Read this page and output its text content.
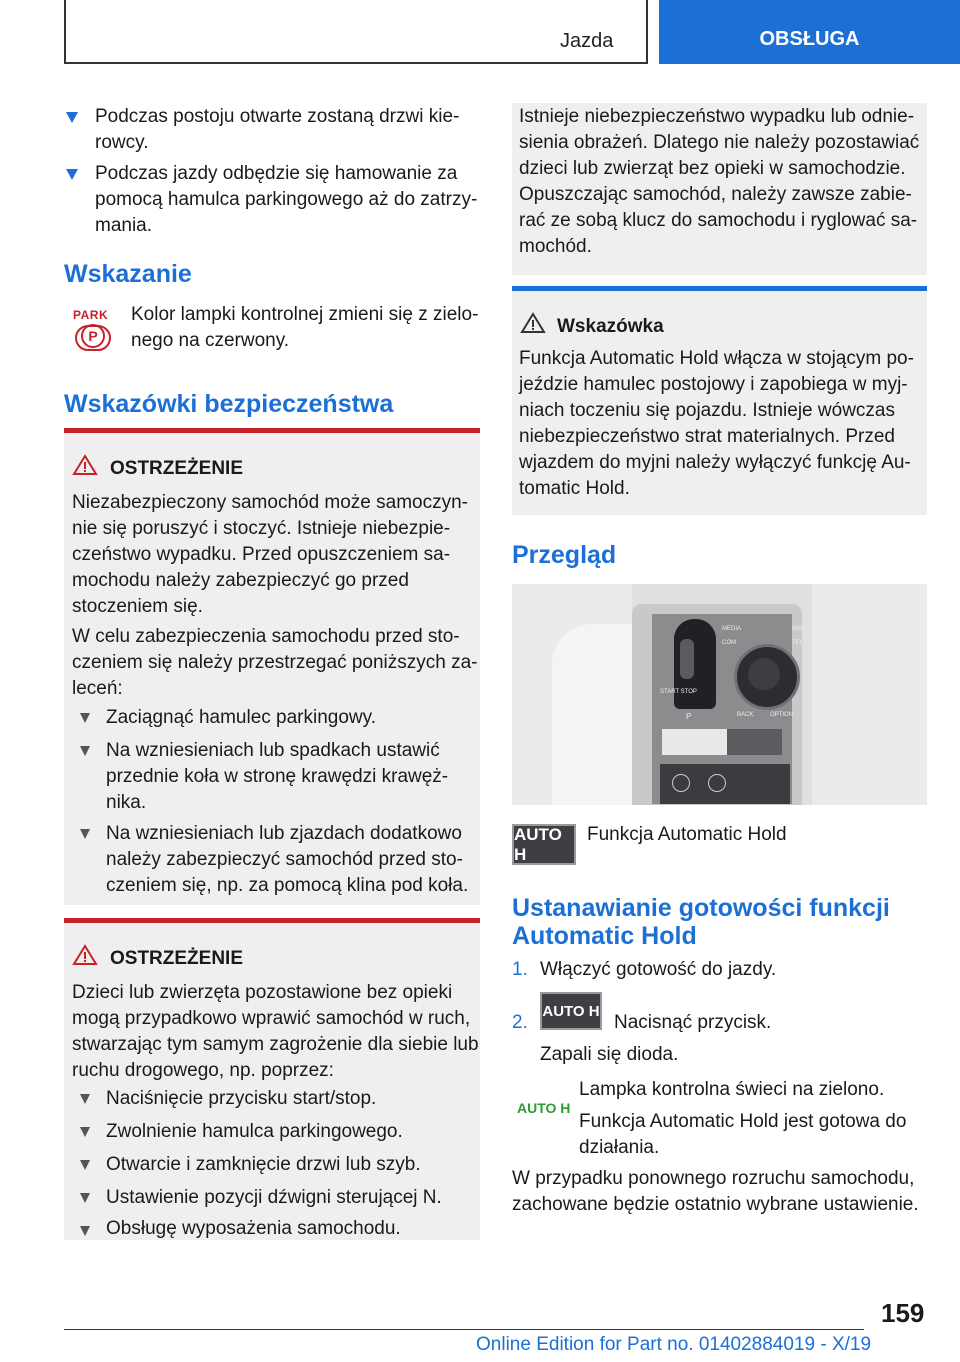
Jazda	OBSŁUGA
Podczas postoju otwarte zostaną drzwi kie-
rowcy.
Podczas jazdy odbędzie się hamowanie za
pomocą hamulca parkingowego aż do zatrzy-
mania.
Wskazanie
PARK
P
Kolor lampki kontrolnej zmieni się z zielo-
nego na czerwony.
Wskazówki bezpieczeństwa
OSTRZEŻENIE
Niezabezpieczony samochód może samoczyn-
nie się poruszyć i stoczyć. Istnieje niebezpie-
czeństwo wypadku. Przed opuszczeniem sa-
mochodu należy zabezpieczyć go przed
stoczeniem się.
W celu zabezpieczenia samochodu przed sto-
czeniem się należy przestrzegać poniższych za-
leceń:
Zaciągnąć hamulec parkingowy.
Na wzniesieniach lub spadkach ustawić
przednie koła w stronę krawędzi krawęż-
nika.
Na wzniesieniach lub zjazdach dodatkowo
należy zabezpieczyć samochód przed sto-
czeniem się, np. za pomocą klina pod koła.
OSTRZEŻENIE
Dzieci lub zwierzęta pozostawione bez opieki
mogą przypadkowo wprawić samochód w ruch,
stwarzając tym samym zagrożenie dla siebie lub
ruchu drogowego, np. poprzez:
Naciśnięcie przycisku start/stop.
Zwolnienie hamulca parkingowego.
Otwarcie i zamknięcie drzwi lub szyb.
Ustawienie pozycji dźwigni sterującej N.
Obsługę wyposażenia samochodu.
Istnieje niebezpieczeństwo wypadku lub odnie-
sienia obrażeń. Dlatego nie należy pozostawiać
dzieci lub zwierząt bez opieki w samochodzie.
Opuszczając samochód, należy zawsze zabie-
rać ze sobą klucz do samochodu i ryglować sa-
mochód.
Wskazówka
Funkcja Automatic Hold włącza w stojącym po-
jeździe hamulec postojowy i zapobiega w myj-
niach toczeniu się pojazdu. Istnieje wówczas
niebezpieczeństwo strat materialnych. Przed
wjazdem do myjni należy wyłączyć funkcję Au-
tomatic Hold.
Przegląd
MEDIA
COM
NAV
TEL
BACK	OPTION
START STOP
P
AUTO H
Funkcja Automatic Hold
Ustanawianie gotowości funkcji
Automatic Hold
1. Włączyć gotowość do jazdy.
2.
AUTO H
Nacisnąć przycisk.
Zapali się dioda.
AUTO H
Lampka kontrolna świeci na zielono.
Funkcja Automatic Hold jest gotowa do
działania.
W przypadku ponownego rozruchu samochodu,
zachowane będzie ostatnio wybrane ustawienie.
159
Online Edition for Part no. 01402884019 - X/19
